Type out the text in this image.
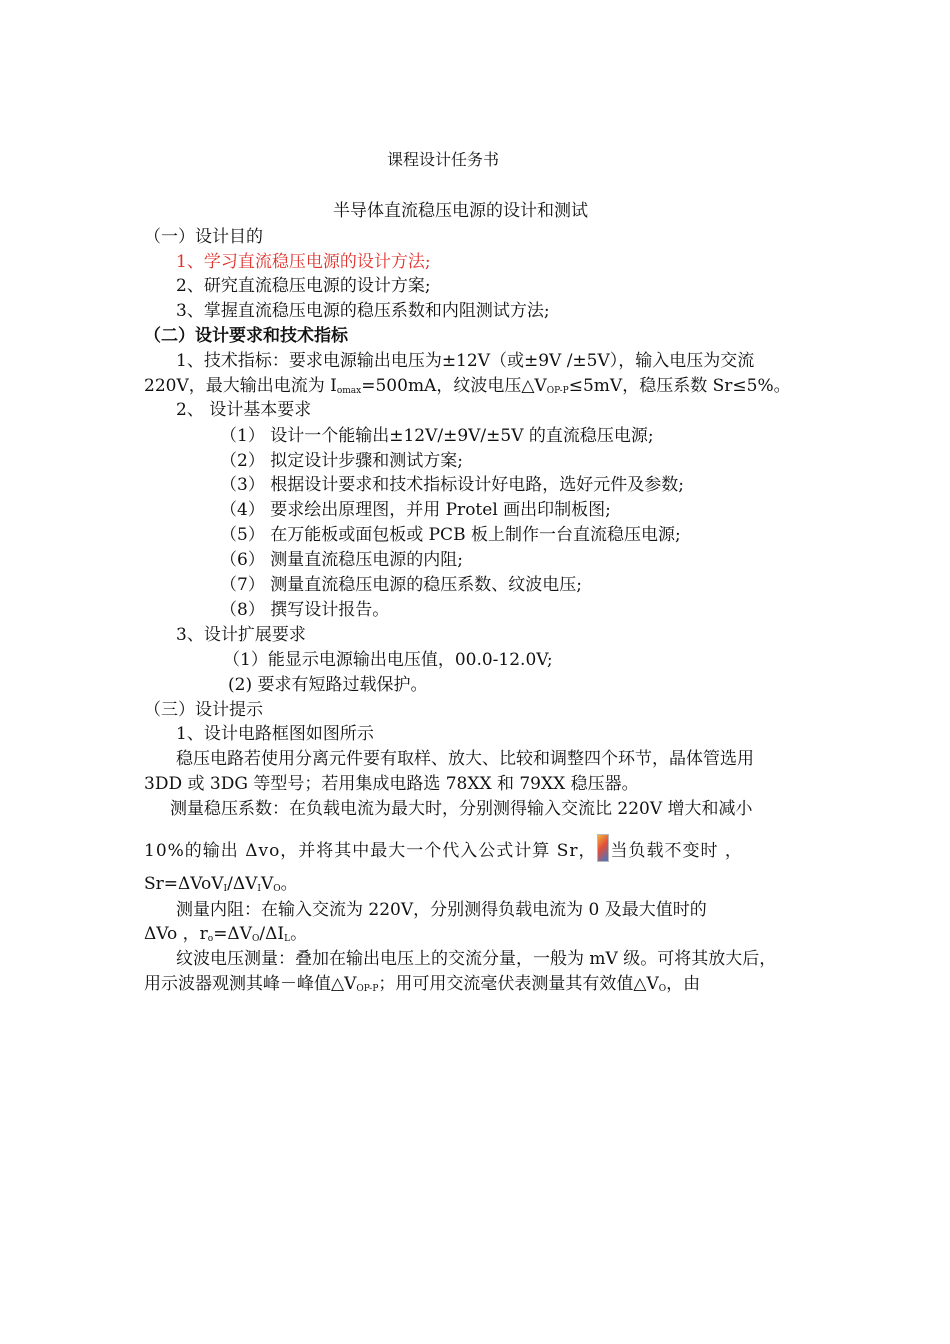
课程设计任务书
半导体直流稳压电源的设计和测试
（一）设计目的
1、学习直流稳压电源的设计方法;
2、研究直流稳压电源的设计方案;
3、掌握直流稳压电源的稳压系数和内阻测试方法;
（二）设计要求和技术指标
1、技术指标：要求电源输出电压为±12V（或±9V /±5V），输入电压为交流
220V，最大输出电流为 $I_{omax}=500mA$，纹波电压$\triangle V_{OP-P}\le 5mV$，稳压系数 Sr≤5%。
2、 设计基本要求
（1） 设计一个能输出±12V/±9V/±5V 的直流稳压电源;
（2） 拟定设计步骤和测试方案;
（3） 根据设计要求和技术指标设计好电路，选好元件及参数;
（4） 要求绘出原理图，并用 Protel 画出印制板图;
（5） 在万能板或面包板或 PCB 板上制作一台直流稳压电源;
（6） 测量直流稳压电源的内阻;
（7） 测量直流稳压电源的稳压系数、纹波电压;
（8） 撰写设计报告。
3、设计扩展要求
（1）能显示电源输出电压值，00.0-12.0V;
(2) 要求有短路过载保护。
（三）设计提示
1、设计电路框图如图所示
稳压电路若使用分离元件要有取样、放大、比较和调整四个环节，晶体管选用
3DD 或 3DG 等型号；若用集成电路选 78XX 和 79XX 稳压器。
测量稳压系数：在负载电流为最大时，分别测得输入交流比 220V 增大和减小
10%的输出 Δvo，并将其中最大一个代入公式计算 Sr， 当负载不变时 ，
$Sr=\Delta VoV_I/\Delta V_IV_O$。
测量内阻：在输入交流为 220V，分别测得负载电流为 0 及最大值时的
ΔVo ，$r_o=\Delta V_O/\Delta I_L$。
纹波电压测量：叠加在输出电压上的交流分量，一般为 mV 级。可将其放大后，
用示波器观测其峰－峰值$\triangle V_{OP-P}$；用可用交流毫伏表测量其有效值$\triangle V_O$，由
